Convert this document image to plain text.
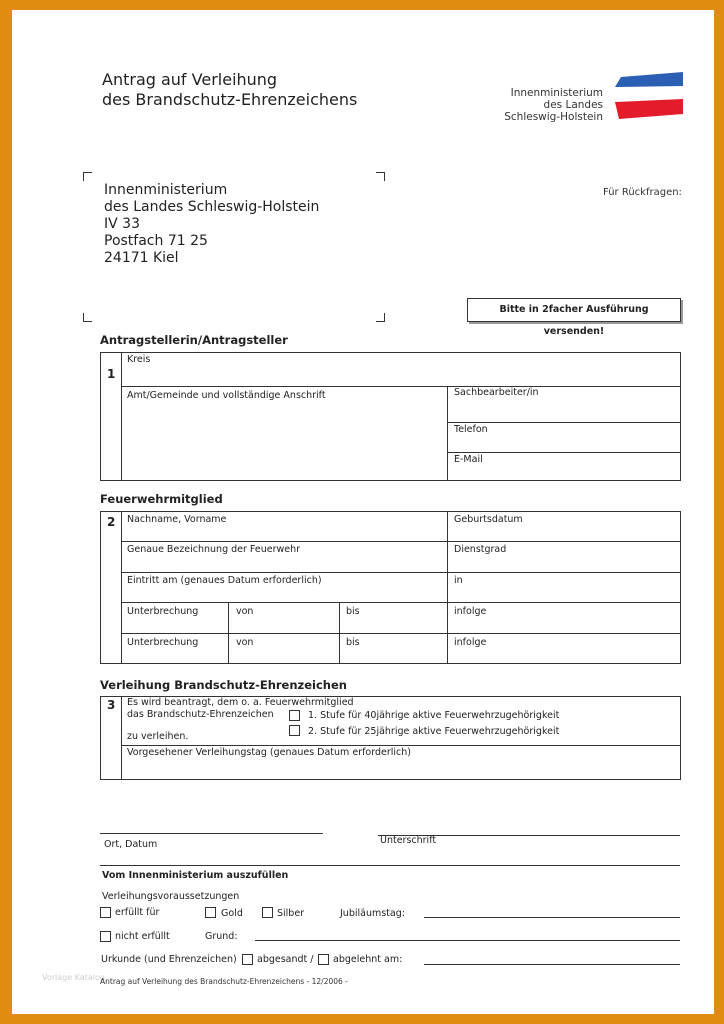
Antrag auf Verleihung
des Brandschutz-Ehrenzeichens	Innenministerium
des Landes
Schleswig-Holstein
Innenministerium
des Landes Schleswig-Holstein
IV 33
Postfach 71 25
24171 Kiel
Für Rückfragen:
Bitte in 2facher Ausführung versenden!
Antragstellerin/Antragsteller
1
Kreis
Amt/Gemeinde und vollständige Anschrift	Sachbearbeiter/in
Telefon
E-Mail
Feuerwehrmitglied
2 Nachname, Vorname	Geburtsdatum
Genaue Bezeichnung der Feuerwehr	Dienstgrad
Eintritt am (genaues Datum erforderlich)	in
Unterbrechung	von	bis	infolge
Unterbrechung	von	bis	infolge
Verleihung Brandschutz-Ehrenzeichen
3 Es wird beantragt, dem o. a. Feuerwehrmitglied
das Brandschutz-Ehrenzeichen
zu verleihen.
1. Stufe für 40jährige aktive Feuerwehrzugehörigkeit
2. Stufe für 25jährige aktive Feuerwehrzugehörigkeit
Vorgesehener Verleihungstag (genaues Datum erforderlich)
Ort, Datum	Unterschrift
Vom Innenministerium auszufüllen
Verleihungsvoraussetzungen
erfüllt für	Gold	Silber	Jubiläumstag:
nicht erfüllt	Grund:
Urkunde (und Ehrenzeichen) abgesandt / abgelehnt am:
Vorlage Katalog
Antrag auf Verleihung des Brandschutz-Ehrenzeichens - 12/2006 -
